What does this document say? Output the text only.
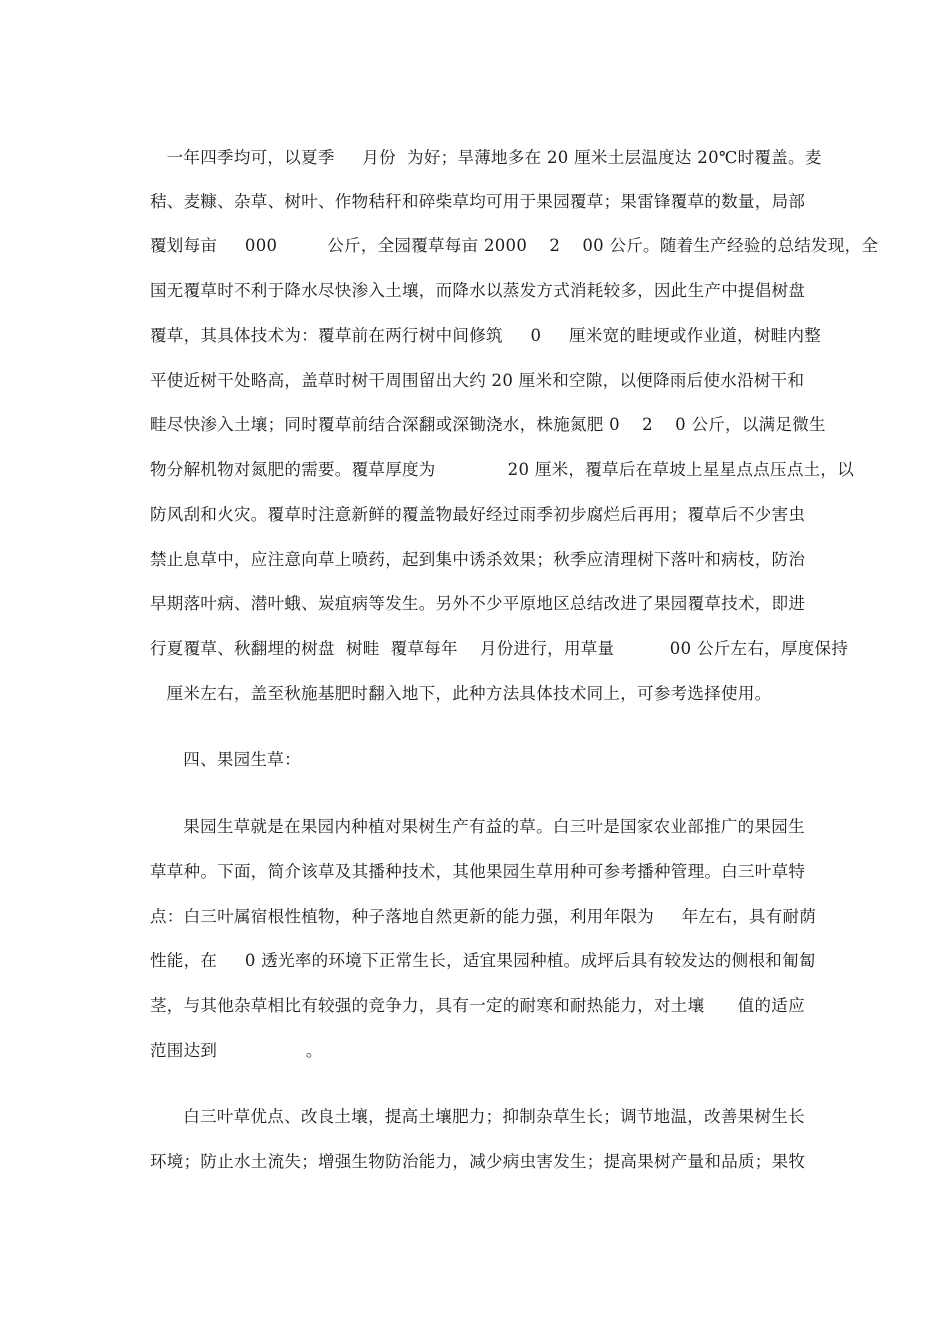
一年四季均可，以夏季     月份  为好；旱薄地多在 20 厘米土层温度达 20℃时覆盖。麦
秸、麦糠、杂草、树叶、作物秸秆和碎柴草均可用于果园覆草；果雷锋覆草的数量，局部
覆划每亩     000         公斤，全园覆草每亩 2000    2    00 公斤。随着生产经验的总结发现，全
国无覆草时不利于降水尽快渗入土壤，而降水以蒸发方式消耗较多，因此生产中提倡树盘
覆草，其具体技术为：覆草前在两行树中间修筑     0     厘米宽的畦埂或作业道，树畦内整
平使近树干处略高，盖草时树干周围留出大约 20 厘米和空隙，以便降雨后使水沿树干和
畦尽快渗入土壤；同时覆草前结合深翻或深锄浇水，株施氮肥 0    2    0 公斤，以满足微生
物分解机物对氮肥的需要。覆草厚度为             20 厘米，覆草后在草坡上星星点点压点土，以
防风刮和火灾。覆草时注意新鲜的覆盖物最好经过雨季初步腐烂后再用；覆草后不少害虫
禁止息草中，应注意向草上喷药，起到集中诱杀效果；秋季应清理树下落叶和病枝，防治
早期落叶病、潜叶蛾、炭疽病等发生。另外不少平原地区总结改进了果园覆草技术，即进
行夏覆草、秋翻埋的树盘  树畦  覆草每年    月份进行，用草量          00 公斤左右，厚度保持
厘米左右，盖至秋施基肥时翻入地下，此种方法具体技术同上，可参考选择使用。
四、果园生草：
果园生草就是在果园内种植对果树生产有益的草。白三叶是国家农业部推广的果园生
草草种。下面，简介该草及其播种技术，其他果园生草用种可参考播种管理。白三叶草特
点：白三叶属宿根性植物，种子落地自然更新的能力强，利用年限为     年左右，具有耐荫
性能，在     0 透光率的环境下正常生长，适宜果园种植。成坪后具有较发达的侧根和匍匐
茎，与其他杂草相比有较强的竞争力，具有一定的耐寒和耐热能力，对土壤      值的适应
范围达到                。
白三叶草优点、改良土壤，提高土壤肥力；抑制杂草生长；调节地温，改善果树生长
环境；防止水土流失；增强生物防治能力，减少病虫害发生；提高果树产量和品质；果牧
